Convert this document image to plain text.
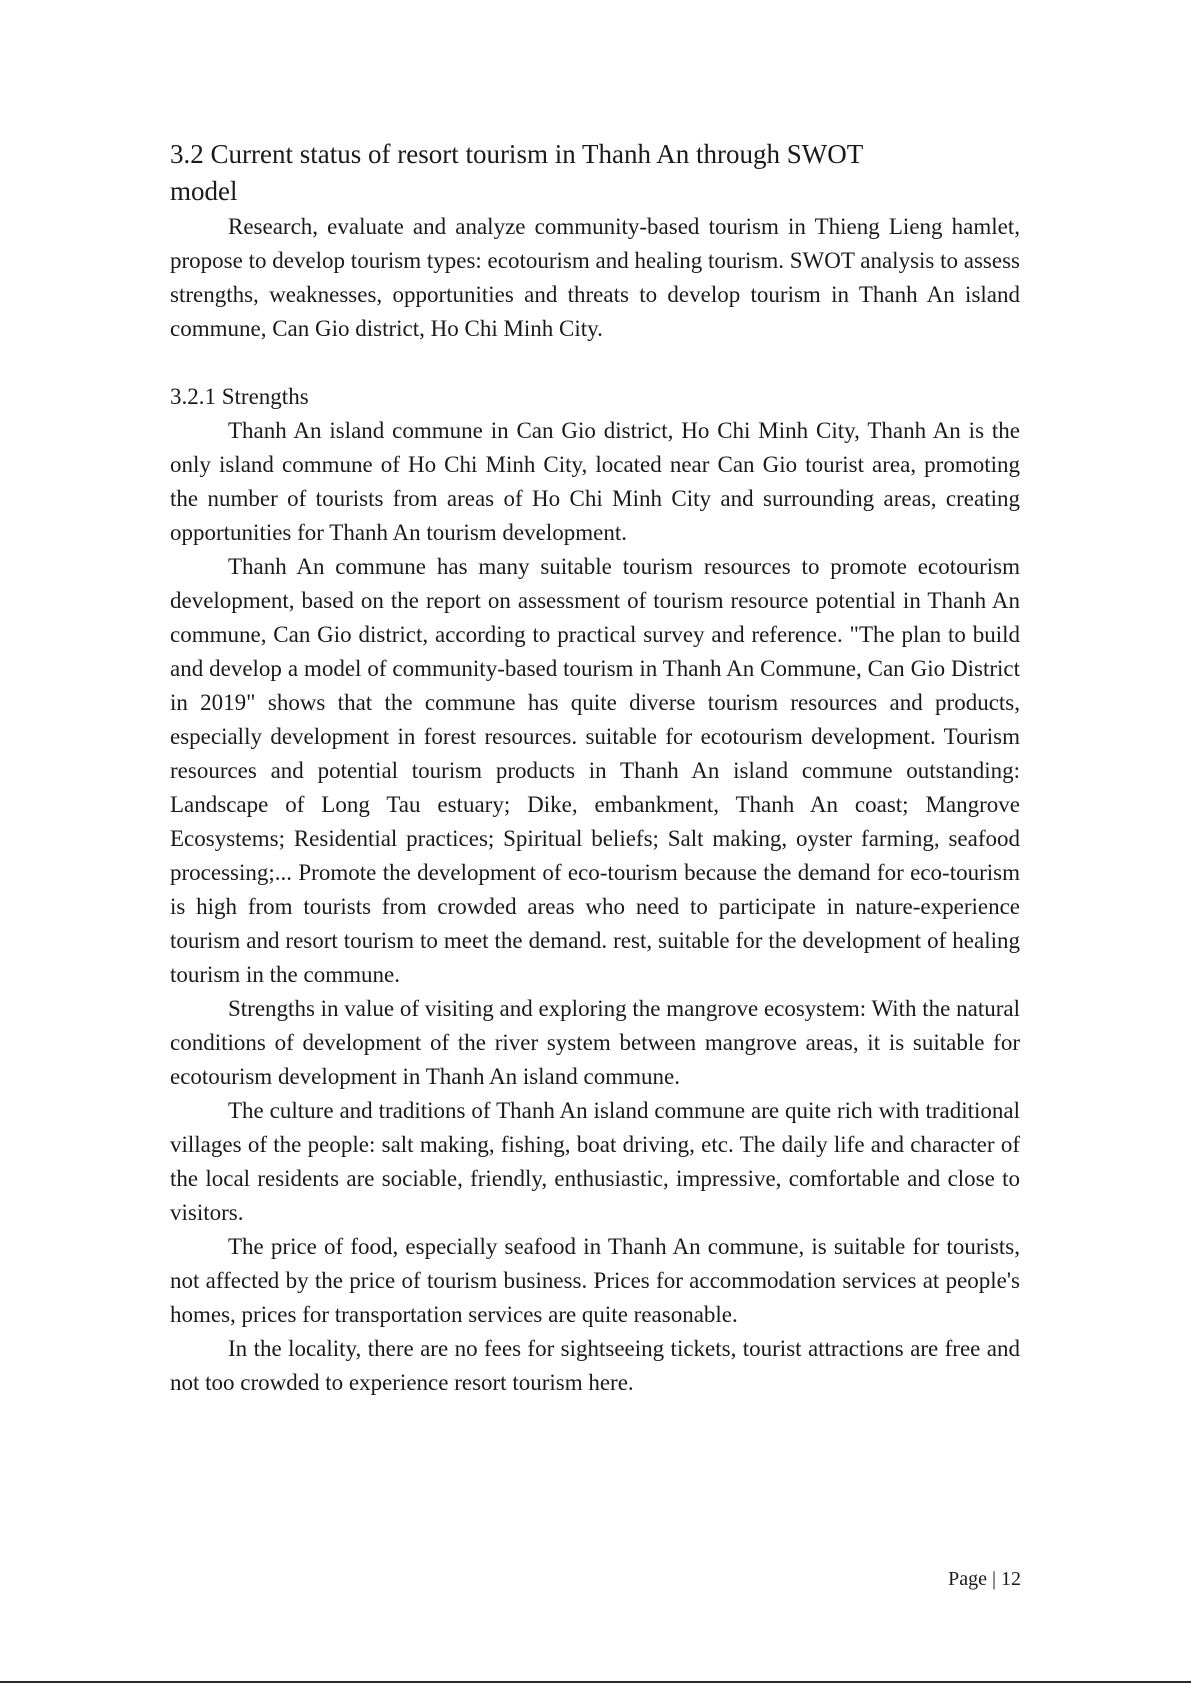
3.2 Current status of resort tourism in Thanh An through SWOT model

Research, evaluate and analyze community-based tourism in Thieng Lieng hamlet, propose to develop tourism types: ecotourism and healing tourism. SWOT analysis to assess strengths, weaknesses, opportunities and threats to develop tourism in Thanh An island commune, Can Gio district, Ho Chi Minh City.

3.2.1 Strengths

Thanh An island commune in Can Gio district, Ho Chi Minh City, Thanh An is the only island commune of Ho Chi Minh City, located near Can Gio tourist area, promoting the number of tourists from areas of Ho Chi Minh City and surrounding areas, creating opportunities for Thanh An tourism development.

Thanh An commune has many suitable tourism resources to promote ecotourism development, based on the report on assessment of tourism resource potential in Thanh An commune, Can Gio district, according to practical survey and reference. "The plan to build and develop a model of community-based tourism in Thanh An Commune, Can Gio District in 2019" shows that the commune has quite diverse tourism resources and products, especially development in forest resources. suitable for ecotourism development. Tourism resources and potential tourism products in Thanh An island commune outstanding: Landscape of Long Tau estuary; Dike, embankment, Thanh An coast; Mangrove Ecosystems; Residential practices; Spiritual beliefs; Salt making, oyster farming, seafood processing;... Promote the development of eco-tourism because the demand for eco-tourism is high from tourists from crowded areas who need to participate in nature-experience tourism and resort tourism to meet the demand. rest, suitable for the development of healing tourism in the commune.

Strengths in value of visiting and exploring the mangrove ecosystem: With the natural conditions of development of the river system between mangrove areas, it is suitable for ecotourism development in Thanh An island commune.

The culture and traditions of Thanh An island commune are quite rich with traditional villages of the people: salt making, fishing, boat driving, etc. The daily life and character of the local residents are sociable, friendly, enthusiastic, impressive, comfortable and close to visitors.

The price of food, especially seafood in Thanh An commune, is suitable for tourists, not affected by the price of tourism business. Prices for accommodation services at people's homes, prices for transportation services are quite reasonable.

In the locality, there are no fees for sightseeing tickets, tourist attractions are free and not too crowded to experience resort tourism here.

Page | 12
